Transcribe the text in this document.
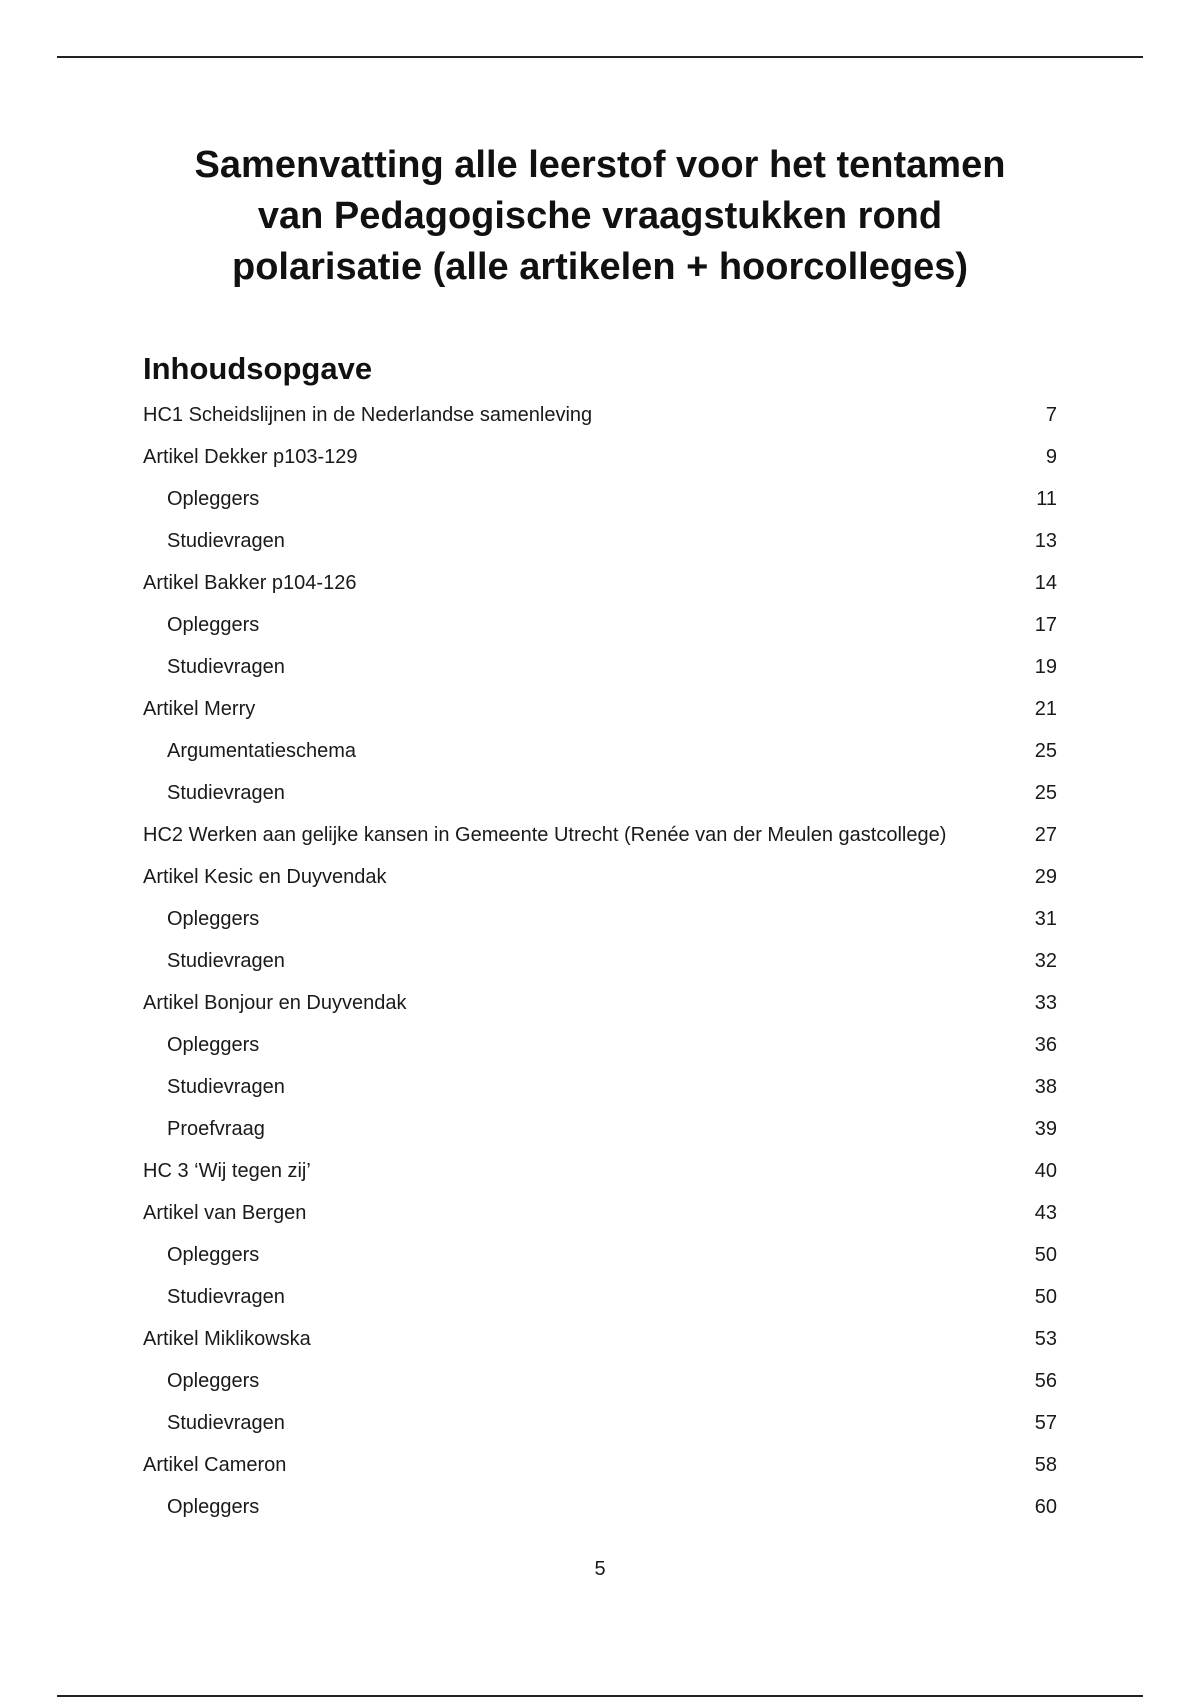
Samenvatting alle leerstof voor het tentamen
van Pedagogische vraagstukken rond
polarisatie (alle artikelen + hoorcolleges)
Inhoudsopgave
HC1 Scheidslijnen in de Nederlandse samenleving	7
Artikel Dekker p103-129	9
Opleggers	11
Studievragen	13
Artikel Bakker p104-126	14
Opleggers	17
Studievragen	19
Artikel Merry	21
Argumentatieschema	25
Studievragen	25
HC2 Werken aan gelijke kansen in Gemeente Utrecht (Renée van der Meulen gastcollege)	27
Artikel Kesic en Duyvendak	29
Opleggers	31
Studievragen	32
Artikel Bonjour en Duyvendak	33
Opleggers	36
Studievragen	38
Proefvraag	39
HC 3 ‘Wij tegen zij’	40
Artikel van Bergen	43
Opleggers	50
Studievragen	50
Artikel Miklikowska	53
Opleggers	56
Studievragen	57
Artikel Cameron	58
Opleggers	60
5
